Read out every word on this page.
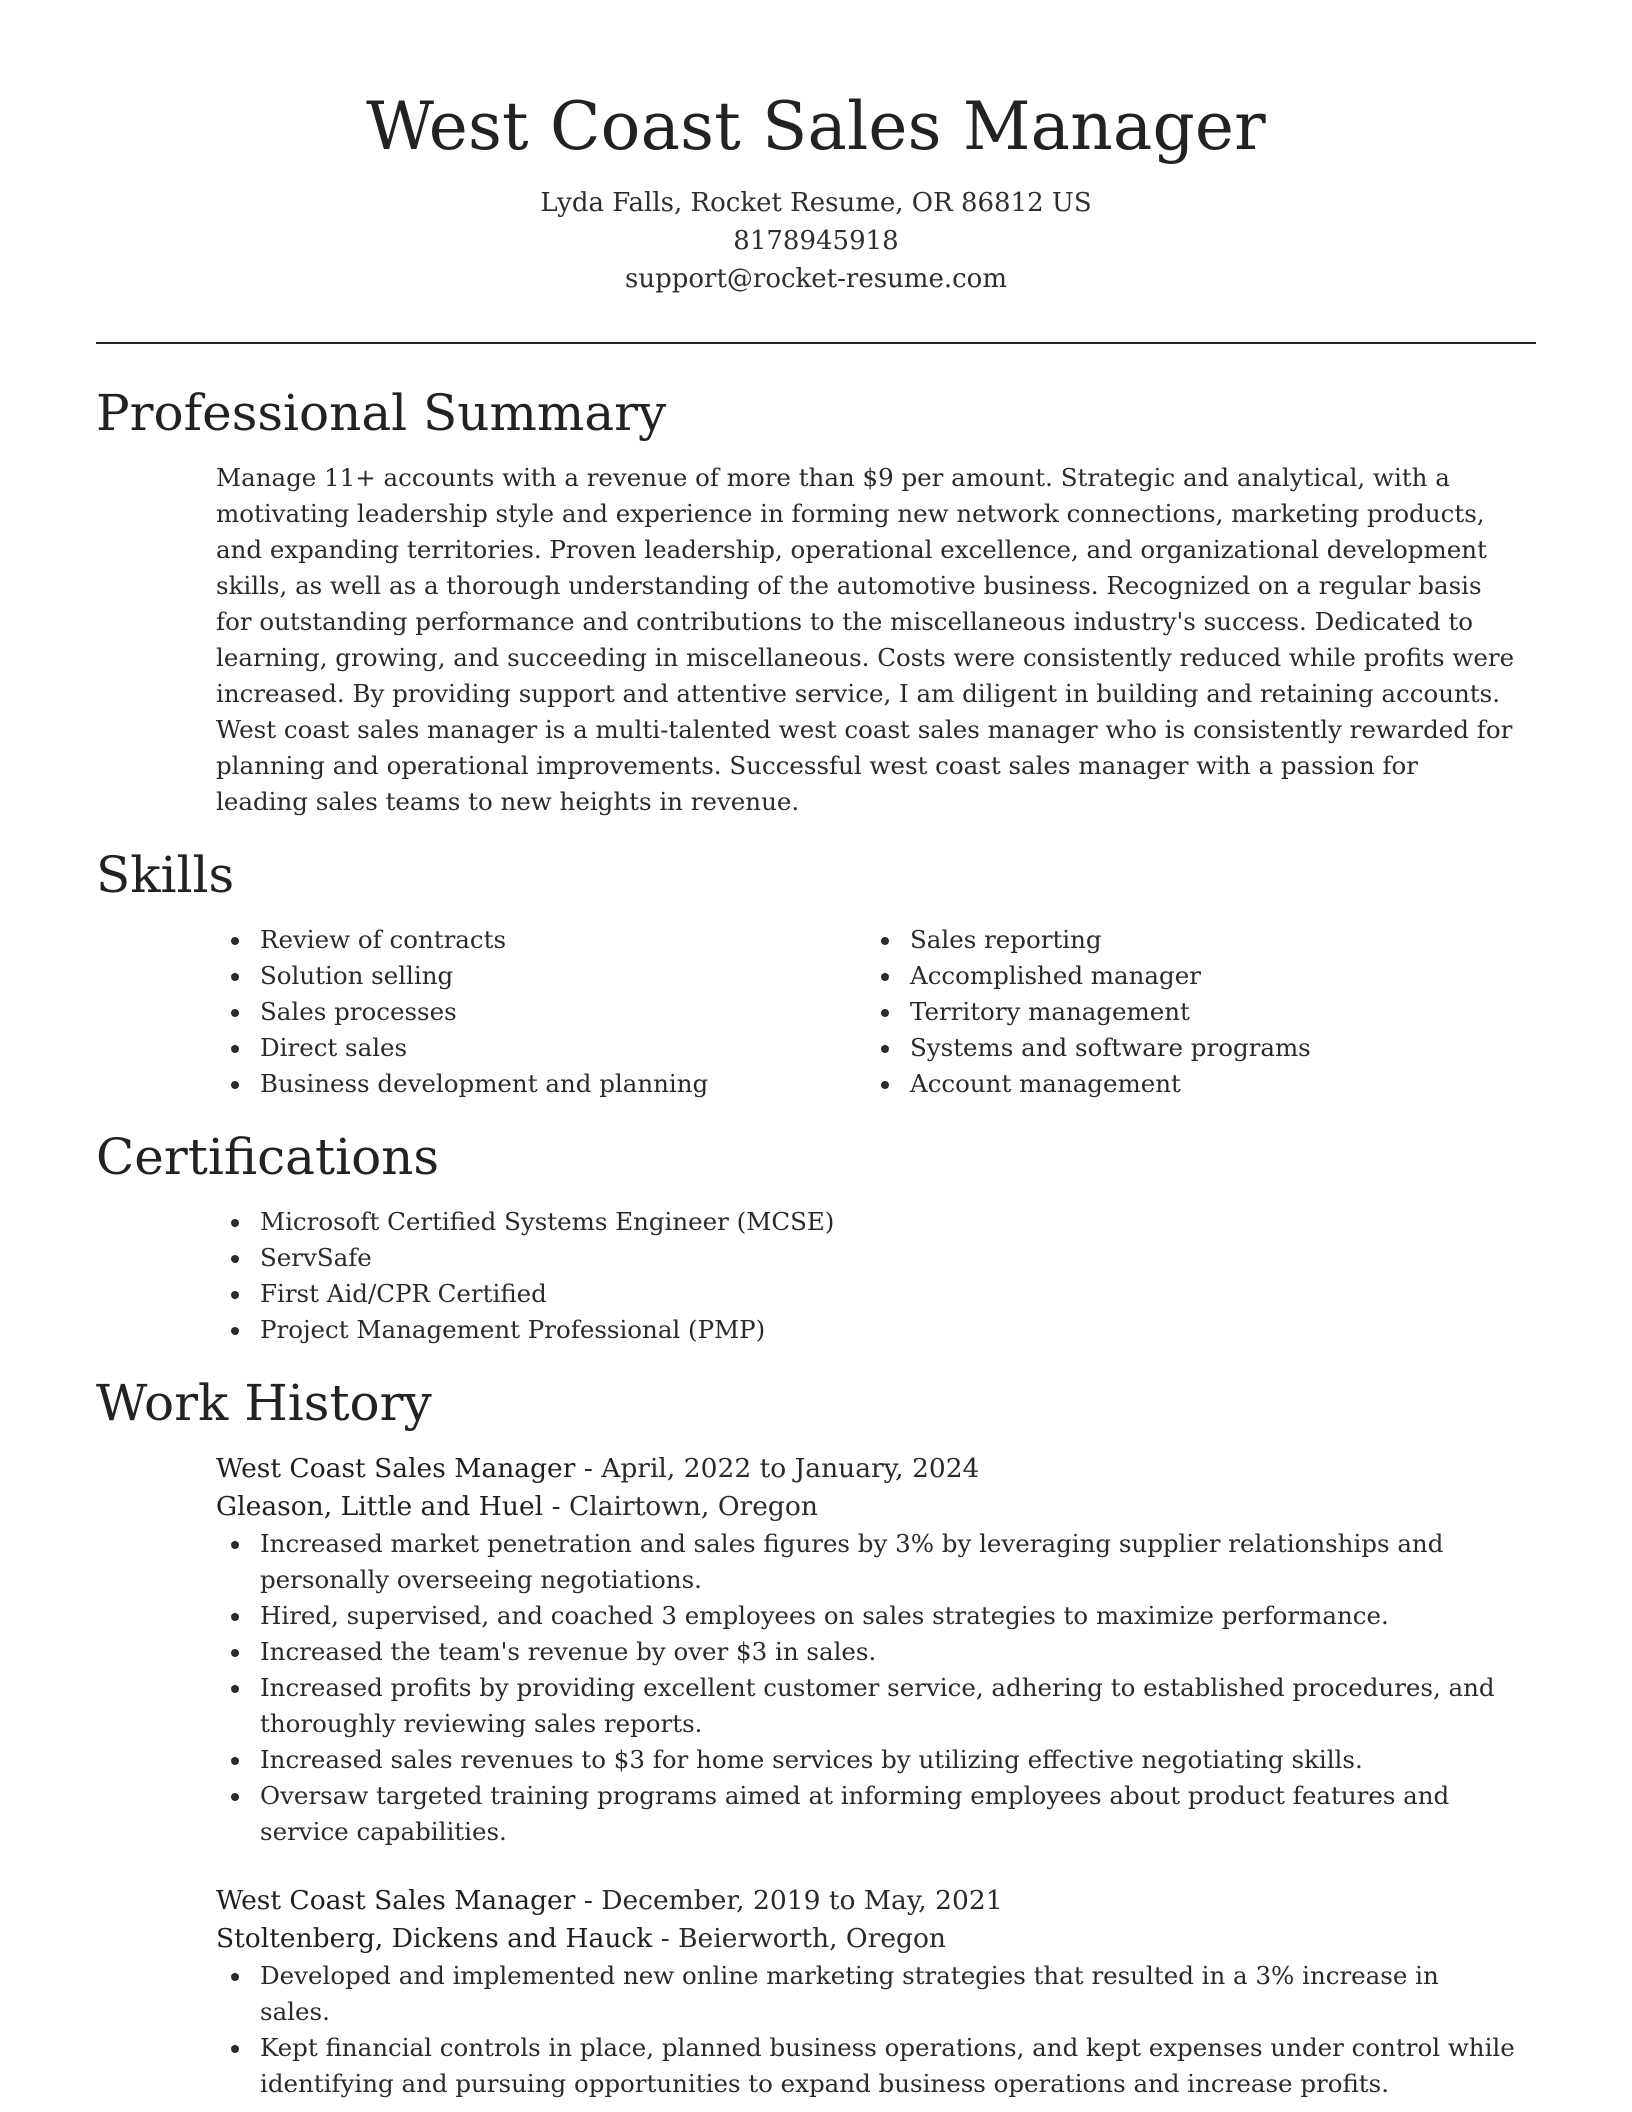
West Coast Sales Manager

Lyda Falls, Rocket Resume, OR 86812 US

8178945918

support@rocket-resume.com

Professional Summary

Manage 11+ accounts with a revenue of more than $9 per amount. Strategic and analytical, with a motivating leadership style and experience in forming new network connections, marketing products, and expanding territories. Proven leadership, operational excellence, and organizational development skills, as well as a thorough understanding of the automotive business. Recognized on a regular basis for outstanding performance and contributions to the miscellaneous industry's success. Dedicated to learning, growing, and succeeding in miscellaneous. Costs were consistently reduced while profits were increased. By providing support and attentive service, I am diligent in building and retaining accounts. West coast sales manager is a multi-talented west coast sales manager who is consistently rewarded for planning and operational improvements. Successful west coast sales manager with a passion for leading sales teams to new heights in revenue.

Skills
Review of contracts
Solution selling
Sales processes
Direct sales
Business development and planning
Sales reporting
Accomplished manager
Territory management
Systems and software programs
Account management
Certifications
Microsoft Certified Systems Engineer (MCSE)
ServSafe
First Aid/CPR Certified
Project Management Professional (PMP)
Work History

West Coast Sales Manager - April, 2022 to January, 2024

Gleason, Little and Huel - Clairtown, Oregon

Increased market penetration and sales figures by 3% by leveraging supplier relationships and personally overseeing negotiations.
Hired, supervised, and coached 3 employees on sales strategies to maximize performance.
Increased the team's revenue by over $3 in sales.
Increased profits by providing excellent customer service, adhering to established procedures, and thoroughly reviewing sales reports.
Increased sales revenues to $3 for home services by utilizing effective negotiating skills.
Oversaw targeted training programs aimed at informing employees about product features and service capabilities.

West Coast Sales Manager - December, 2019 to May, 2021

Stoltenberg, Dickens and Hauck - Beierworth, Oregon

Developed and implemented new online marketing strategies that resulted in a 3% increase in sales.
Kept financial controls in place, planned business operations, and kept expenses under control while identifying and pursuing opportunities to expand business operations and increase profits.
